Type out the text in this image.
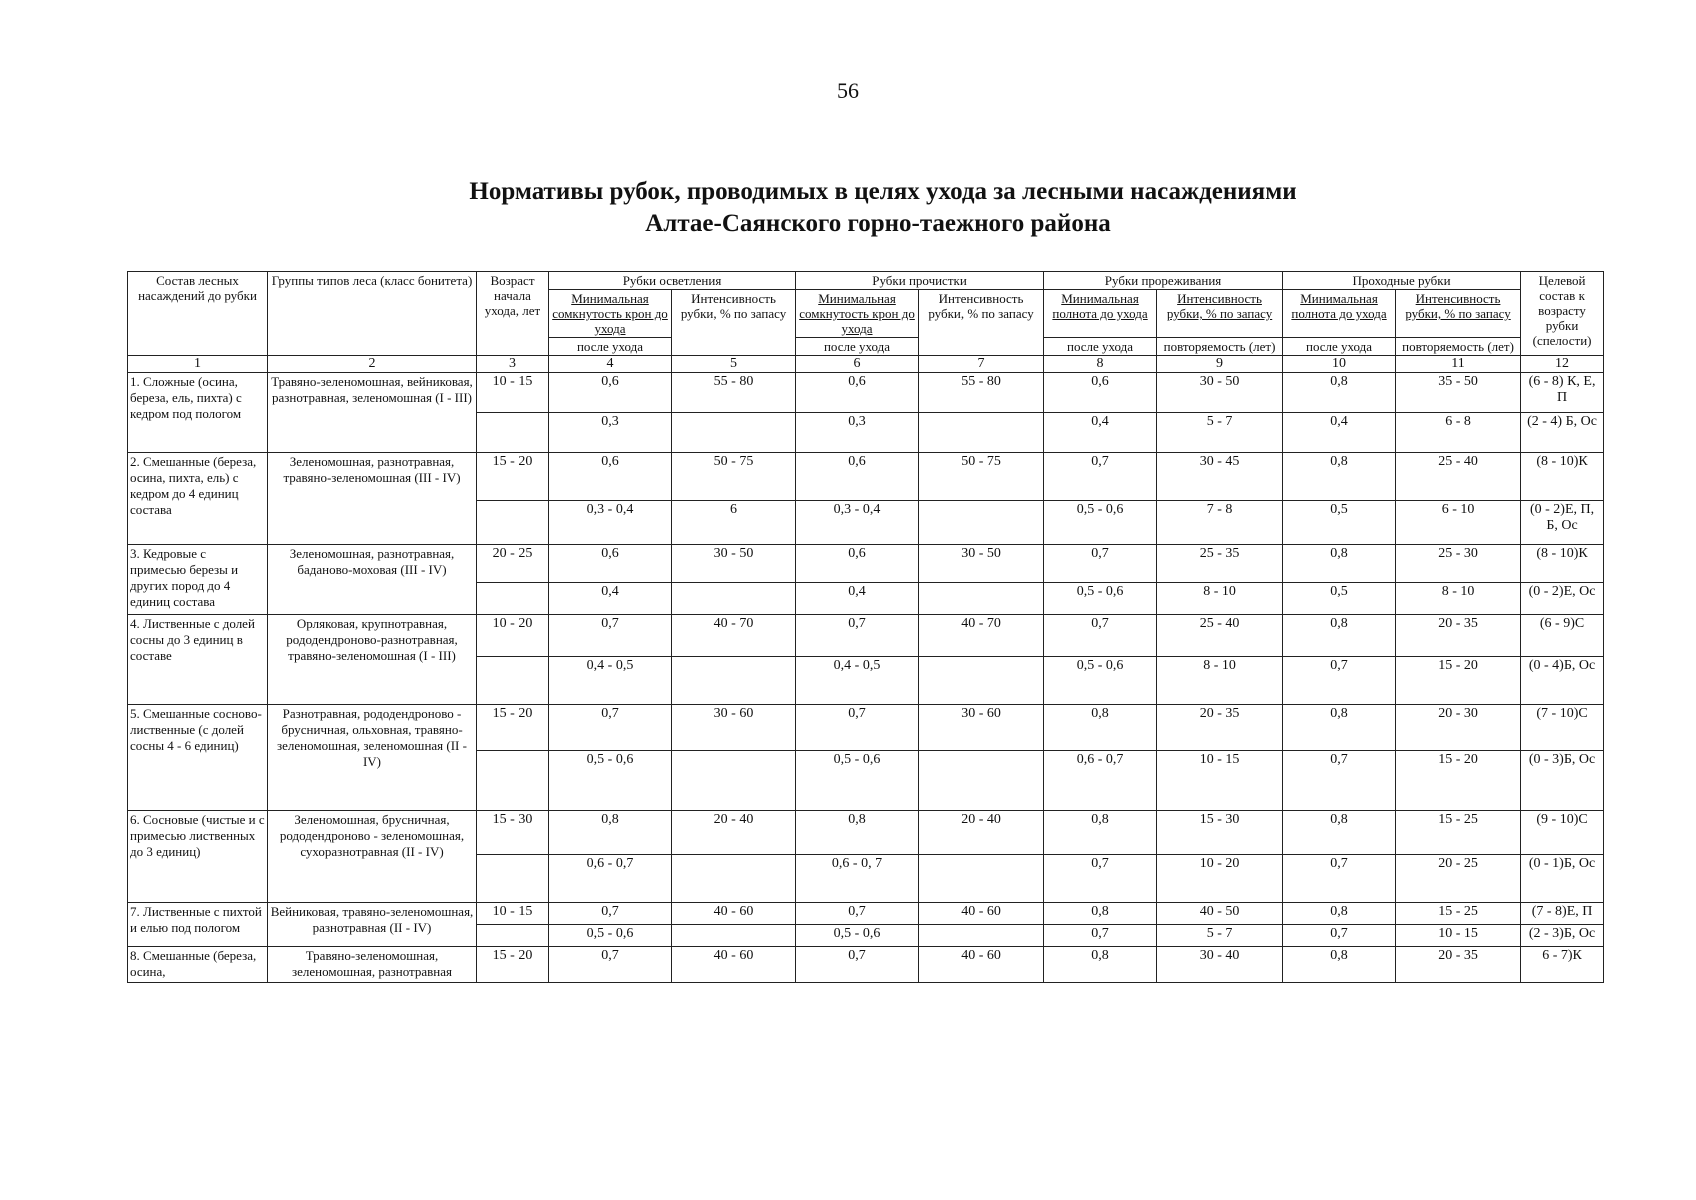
56
Нормативы рубок, проводимых в целях ухода за лесными насаждениями
Алтае-Саянского горно-таежного района
Состав лесных насаждений до рубки	Группы типов леса (класс бонитета)	Возраст начала ухода, лет	Рубки осветления		Рубки прочистки		Рубки прореживания		Проходные рубки		Целевой состав к возрасту рубки (спелости)
			Минимальная сомкнутость крон до ухода	Интенсивность рубки, % по запасу	Минимальная сомкнутость крон до ухода	Интенсивность рубки, % по запасу	Минимальная полнота до ухода	Интенсивность рубки, % по запасу	Минимальная полнота до ухода	Интенсивность рубки, % по запасу	
			после ухода		после ухода		после ухода	повторяемость (лет)	после ухода	повторяемость (лет)	
1	2	3	4	5	6	7	8	9	10	11	12
1. Сложные (осина, береза, ель, пихта) с кедром под пологом	Травяно-зеленомошная, вейниковая, разнотравная, зеленомошная (I - III)	10 - 15	0,6	55 - 80	0,6	55 - 80	0,6	30 - 50	0,8	35 - 50	(6 - 8) К, Е, П
			0,3		0,3		0,4	5 - 7	0,4	6 - 8	(2 - 4) Б, Ос
2. Смешанные (береза, осина, пихта, ель) с кедром до 4 единиц состава	Зеленомошная, разнотравная, травяно-зеленомошная (III - IV)	15 - 20	0,6	50 - 75	0,6	50 - 75	0,7	30 - 45	0,8	25 - 40	(8 - 10)К
			0,3 - 0,4	6	0,3 - 0,4		0,5 - 0,6	7 - 8	0,5	6 - 10	(0 - 2)Е, П, Б, Ос
3. Кедровые с примесью березы и других пород до 4 единиц состава	Зеленомошная, разнотравная, баданово-моховая (III - IV)	20 - 25	0,6	30 - 50	0,6	30 - 50	0,7	25 - 35	0,8	25 - 30	(8 - 10)К
			0,4		0,4		0,5 - 0,6	8 - 10	0,5	8 - 10	(0 - 2)Е, Ос
4. Лиственные с долей сосны до 3 единиц в составе	Орляковая, крупнотравная, рододендроново-разнотравная, травяно-зеленомошная (I - III)	10 - 20	0,7	40 - 70	0,7	40 - 70	0,7	25 - 40	0,8	20 - 35	(6 - 9)С
			0,4 - 0,5		0,4 - 0,5		0,5 - 0,6	8 - 10	0,7	15 - 20	(0 - 4)Б, Ос
5. Смешанные сосново-лиственные (с долей сосны 4 - 6 единиц)	Разнотравная, рододендроново - брусничная, ольховная, травяно-зеленомошная, зеленомошная (II - IV)	15 - 20	0,7	30 - 60	0,7	30 - 60	0,8	20 - 35	0,8	20 - 30	(7 - 10)С
			0,5 - 0,6		0,5 - 0,6		0,6 - 0,7	10 - 15	0,7	15 - 20	(0 - 3)Б, Ос
6. Сосновые (чистые и с примесью лиственных до 3 единиц)	Зеленомошная, брусничная, рододендроново - зеленомошная, сухоразнотравная (II - IV)	15 - 30	0,8	20 - 40	0,8	20 - 40	0,8	15 - 30	0,8	15 - 25	(9 - 10)С
			0,6 - 0,7		0,6 - 0, 7		0,7	10 - 20	0,7	20 - 25	(0 - 1)Б, Ос
7. Лиственные с пихтой и елью под пологом	Вейниковая, травяно-зеленомошная, разнотравная (II - IV)	10 - 15	0,7	40 - 60	0,7	40 - 60	0,8	40 - 50	0,8	15 - 25	(7 - 8)Е, П
			0,5 - 0,6		0,5 - 0,6		0,7	5 - 7	0,7	10 - 15	(2 - 3)Б, Ос
8. Смешанные (береза, осина,	Травяно-зеленомошная, зеленомошная, разнотравная	15 - 20	0,7	40 - 60	0,7	40 - 60	0,8	30 - 40	0,8	20 - 35	6 - 7)К
